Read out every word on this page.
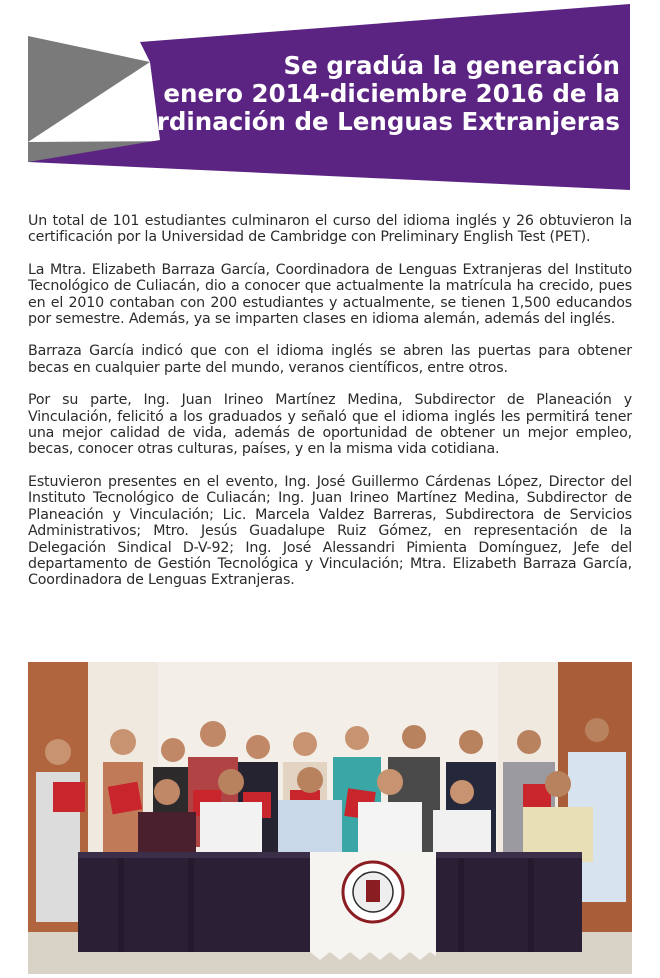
Se gradúa la generación
enero 2014-diciembre 2016 de la
Coordinación de Lenguas Extranjeras

Un total de 101 estudiantes culminaron el curso del idioma inglés y 26 obtuvieron la certificación por la Universidad de Cambridge con Preliminary English Test (PET).

La Mtra. Elizabeth Barraza García, Coordinadora de Lenguas Extranjeras del Instituto Tecnológico de Culiacán, dio a conocer que actualmente la matrícula ha crecido, pues en el 2010 contaban con 200 estudiantes y actualmente, se tienen 1,500 educandos por semestre. Además, ya se imparten clases en idioma alemán, además del inglés.

Barraza García indicó que con el idioma inglés se abren las puertas para obtener becas en cualquier parte del mundo, veranos científicos, entre otros.

Por su parte, Ing. Juan Irineo Martínez Medina, Subdirector de Planeación y Vinculación, felicitó a los graduados y señaló que el idioma inglés les permitirá tener una mejor calidad de vida, además de oportunidad de obtener un mejor empleo, becas, conocer otras culturas, países, y en la misma vida cotidiana.

Estuvieron presentes en el evento, Ing. José Guillermo Cárdenas López, Director del Instituto Tecnológico de Culiacán; Ing. Juan Irineo Martínez Medina, Subdirector de Planeación y Vinculación; Lic. Marcela Valdez Barreras, Subdirectora de Servicios Administrativos; Mtro. Jesús Guadalupe Ruiz Gómez, en representación de la Delegación Sindical D-V-92; Ing. José Alessandri Pimienta Domínguez, Jefe del departamento de Gestión Tecnológica y Vinculación; Mtra. Elizabeth Barraza García, Coordinadora de Lenguas Extranjeras.
